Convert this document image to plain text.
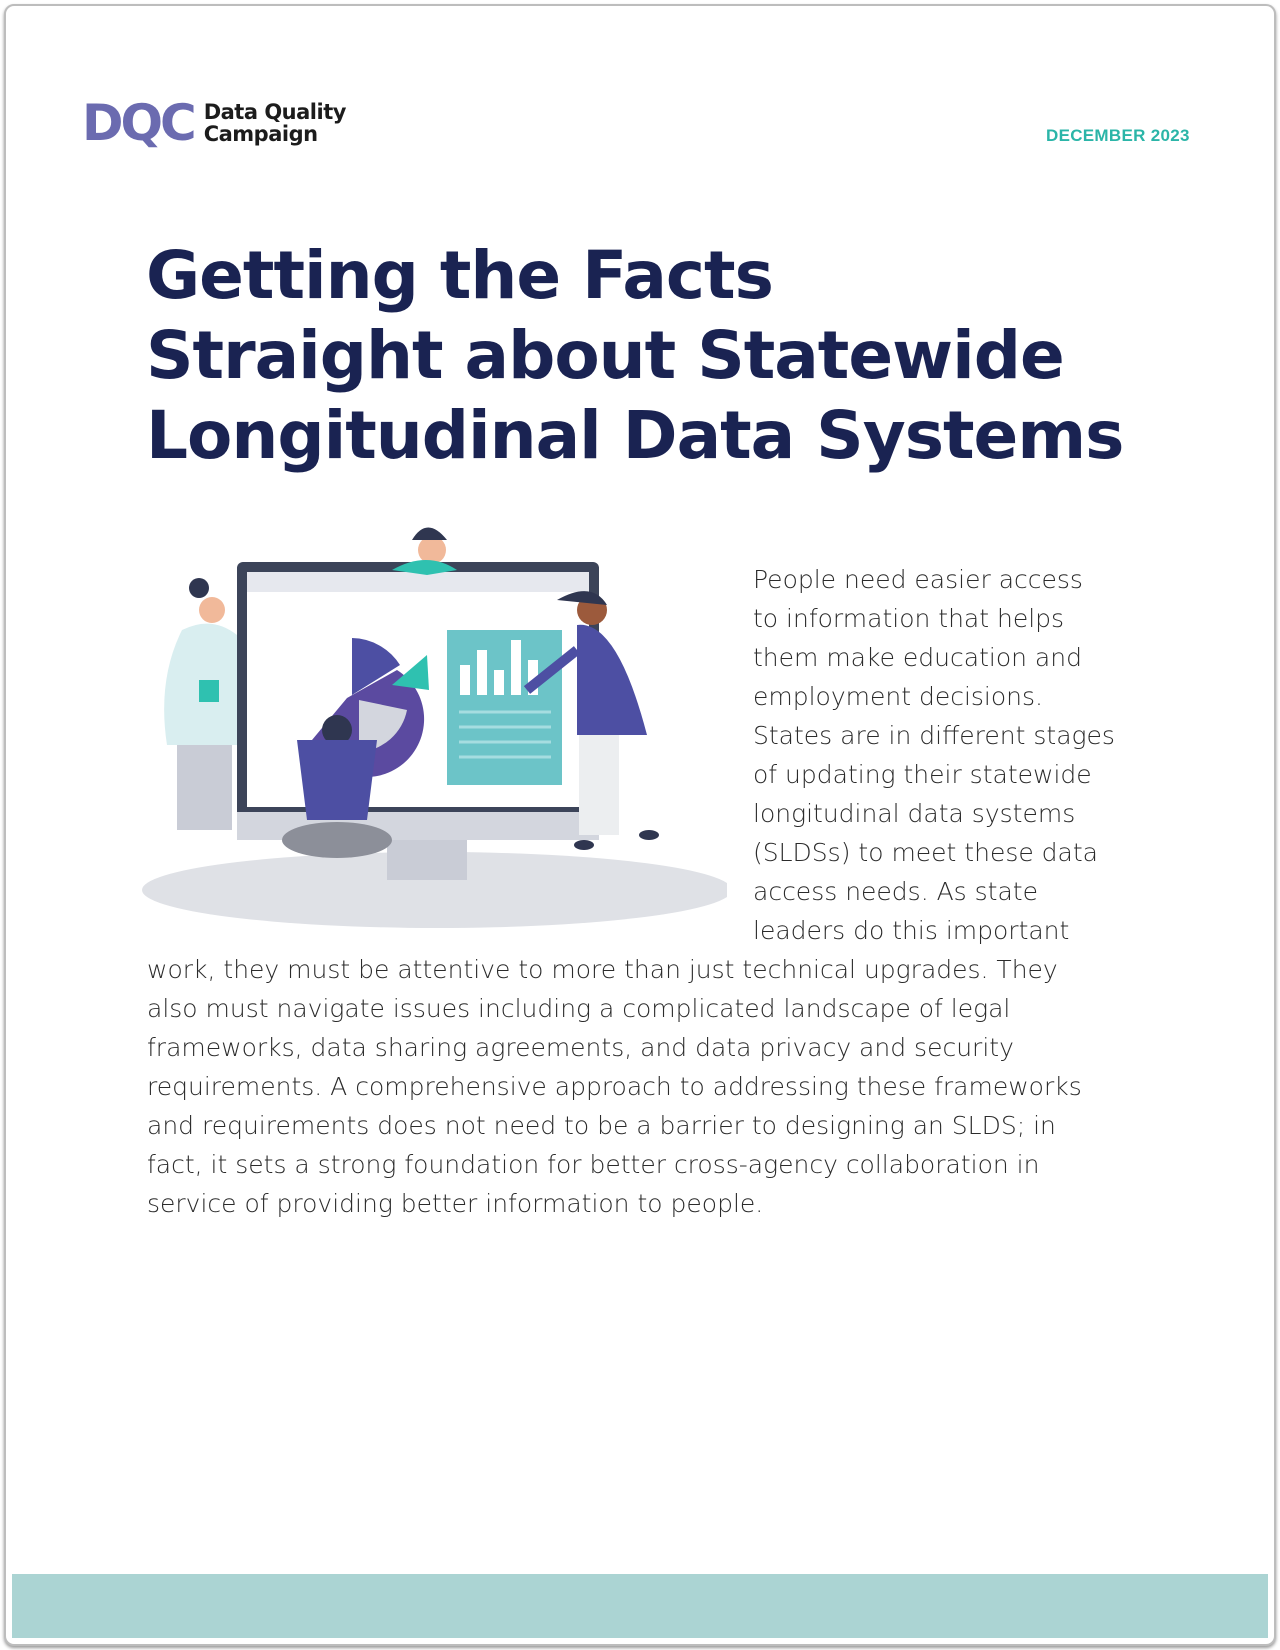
DQC Data Quality
Campaign	DECEMBER 2023
Getting the Facts
Straight about Statewide
Longitudinal Data Systems
People need easier access
to information that helps
them make education and
employment decisions.
States are in different stages
of updating their statewide
longitudinal data systems
(SLDSs) to meet these data
access needs. As state
leaders do this important
work, they must be attentive to more than just technical upgrades. They
also must navigate issues including a complicated landscape of legal
frameworks, data sharing agreements, and data privacy and security
requirements. A comprehensive approach to addressing these frameworks
and requirements does not need to be a barrier to designing an SLDS; in
fact, it sets a strong foundation for better cross-agency collaboration in
service of providing better information to people.
